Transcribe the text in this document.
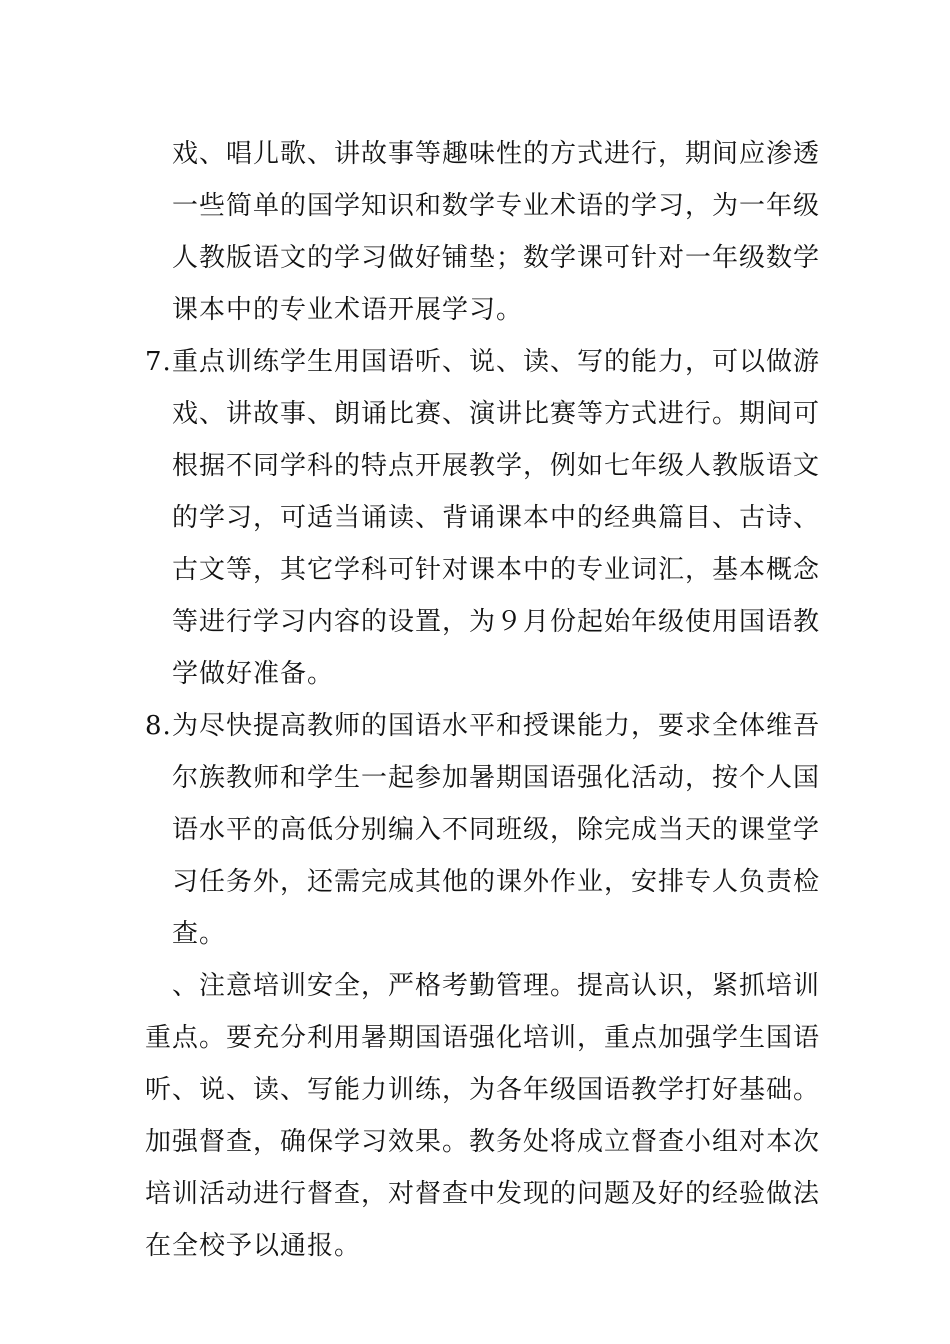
戏、唱儿歌、讲故事等趣味性的方式进行，期间应渗透
一些简单的国学知识和数学专业术语的学习，为一年级
人教版语文的学习做好铺垫；数学课可针对一年级数学
课本中的专业术语开展学习。
7. 重点训练学生用国语听、说、读、写的能力，可以做游
戏、讲故事、朗诵比赛、演讲比赛等方式进行。期间可
根据不同学科的特点开展教学，例如七年级人教版语文
的学习，可适当诵读、背诵课本中的经典篇目、古诗、
古文等，其它学科可针对课本中的专业词汇，基本概念
等进行学习内容的设置，为９月份起始年级使用国语教
学做好准备。
8. 为尽快提高教师的国语水平和授课能力，要求全体维吾
尔族教师和学生一起参加暑期国语强化活动，按个人国
语水平的高低分别编入不同班级，除完成当天的课堂学
习任务外，还需完成其他的课外作业，安排专人负责检
查。
、注意培训安全，严格考勤管理。提高认识，紧抓培训
重点。要充分利用暑期国语强化培训，重点加强学生国语
听、说、读、写能力训练，为各年级国语教学打好基础。
加强督查，确保学习效果。教务处将成立督查小组对本次
培训活动进行督查，对督查中发现的问题及好的经验做法
在全校予以通报。
